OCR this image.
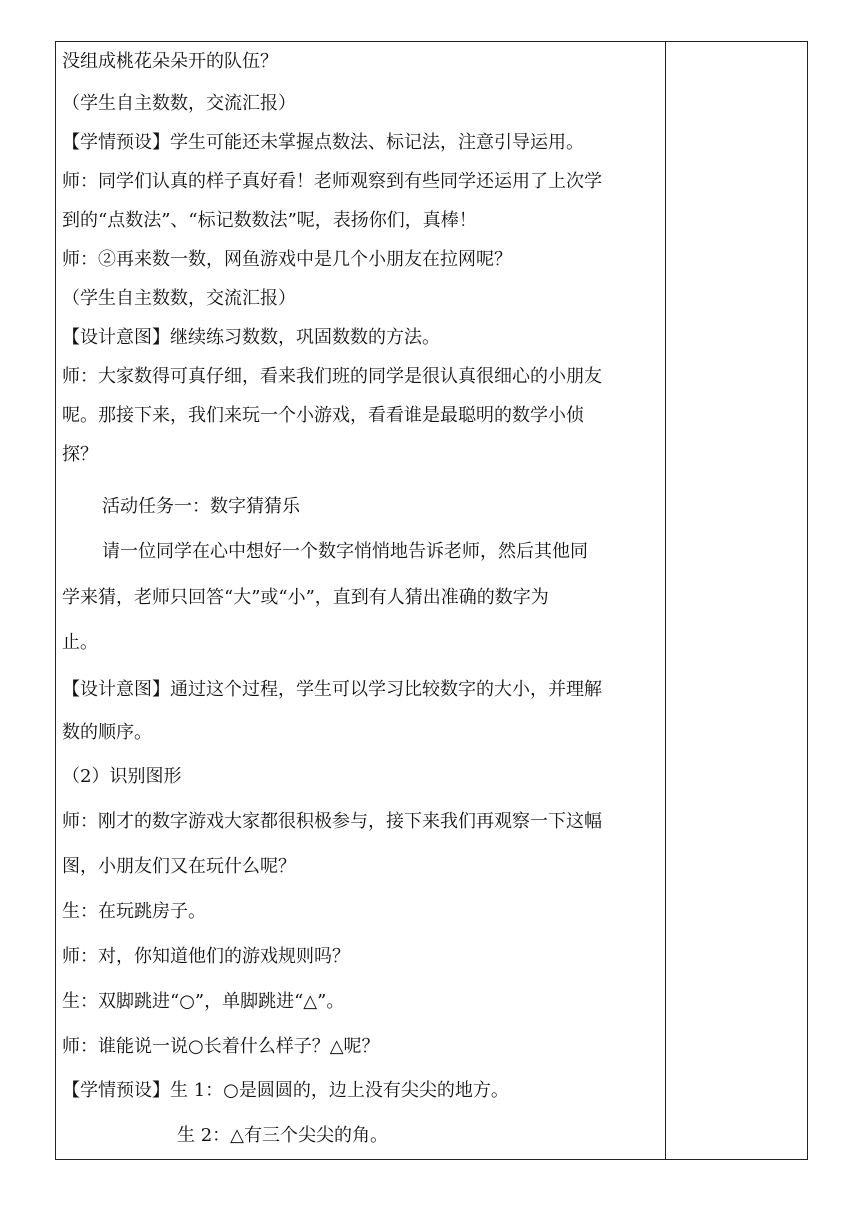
没组成桃花朵朵开的队伍？
（学生自主数数，交流汇报）
【学情预设】学生可能还未掌握点数法、标记法，注意引导运用。
师：同学们认真的样子真好看！老师观察到有些同学还运用了上次学
到的“点数法”、“标记数数法”呢，表扬你们，真棒！
师：②再来数一数，网鱼游戏中是几个小朋友在拉网呢？
（学生自主数数，交流汇报）
【设计意图】继续练习数数，巩固数数的方法。
师：大家数得可真仔细，看来我们班的同学是很认真很细心的小朋友
呢。那接下来，我们来玩一个小游戏，看看谁是最聪明的数学小侦
探？
活动任务一：数字猜猜乐
请一位同学在心中想好一个数字悄悄地告诉老师，然后其他同
学来猜，老师只回答“大”或“小”，直到有人猜出准确的数字为
止。
【设计意图】通过这个过程，学生可以学习比较数字的大小，并理解
数的顺序。
（2）识别图形
师：刚才的数字游戏大家都很积极参与，接下来我们再观察一下这幅
图，小朋友们又在玩什么呢？
生：在玩跳房子。
师：对，你知道他们的游戏规则吗？
生：双脚跳进“○”，单脚跳进“△”。
师：谁能说一说○长着什么样子？△呢？
【学情预设】生 1：○是圆圆的，边上没有尖尖的地方。
生 2：△有三个尖尖的角。
